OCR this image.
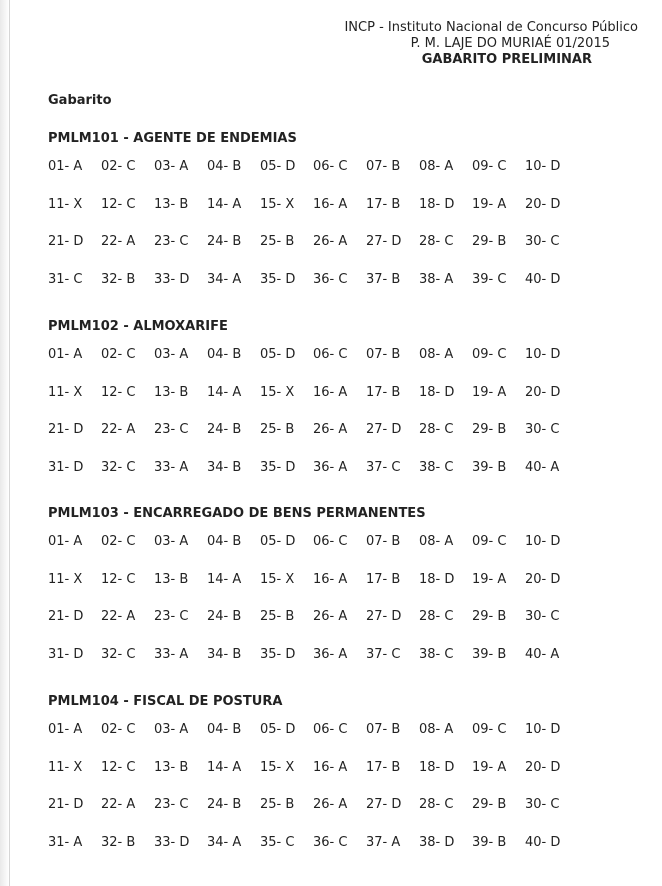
INCP - Instituto Nacional de Concurso Público
P. M. LAJE DO MURIAÉ 01/2015
GABARITO PRELIMINAR
Gabarito
PMLM101 - AGENTE DE ENDEMIAS
01- A	02- C	03- A	04- B	05- D	06- C	07- B	08- A	09- C	10- D
11- X	12- C	13- B	14- A	15- X	16- A	17- B	18- D	19- A	20- D
21- D	22- A	23- C	24- B	25- B	26- A	27- D	28- C	29- B	30- C
31- C	32- B	33- D	34- A	35- D	36- C	37- B	38- A	39- C	40- D
PMLM102 - ALMOXARIFE
01- A	02- C	03- A	04- B	05- D	06- C	07- B	08- A	09- C	10- D
11- X	12- C	13- B	14- A	15- X	16- A	17- B	18- D	19- A	20- D
21- D	22- A	23- C	24- B	25- B	26- A	27- D	28- C	29- B	30- C
31- D	32- C	33- A	34- B	35- D	36- A	37- C	38- C	39- B	40- A
PMLM103 - ENCARREGADO DE BENS PERMANENTES
01- A	02- C	03- A	04- B	05- D	06- C	07- B	08- A	09- C	10- D
11- X	12- C	13- B	14- A	15- X	16- A	17- B	18- D	19- A	20- D
21- D	22- A	23- C	24- B	25- B	26- A	27- D	28- C	29- B	30- C
31- D	32- C	33- A	34- B	35- D	36- A	37- C	38- C	39- B	40- A
PMLM104 - FISCAL DE POSTURA
01- A	02- C	03- A	04- B	05- D	06- C	07- B	08- A	09- C	10- D
11- X	12- C	13- B	14- A	15- X	16- A	17- B	18- D	19- A	20- D
21- D	22- A	23- C	24- B	25- B	26- A	27- D	28- C	29- B	30- C
31- A	32- B	33- D	34- A	35- C	36- C	37- A	38- D	39- B	40- D
